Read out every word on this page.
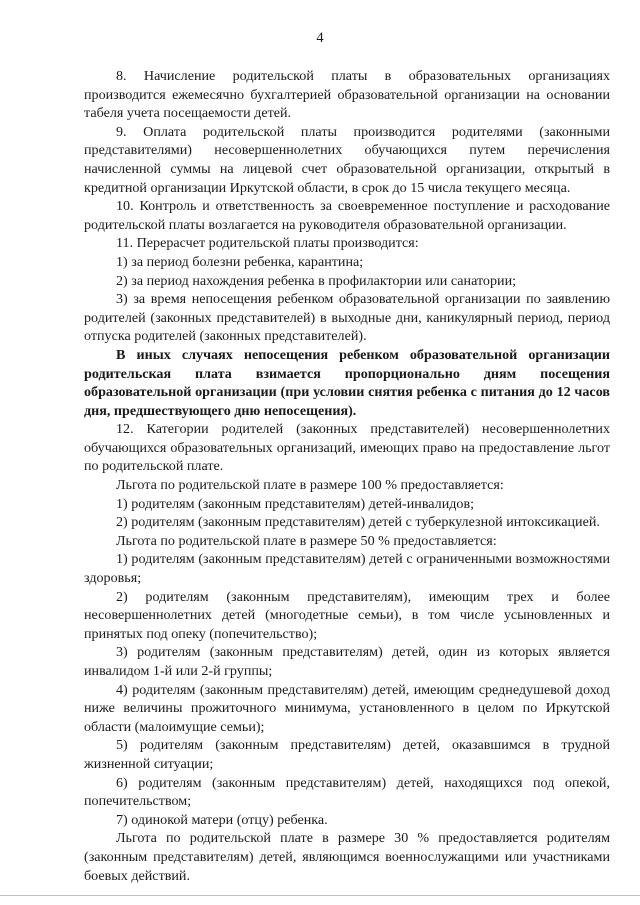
4

8. Начисление родительской платы в образовательных организациях производится ежемесячно бухгалтерией образовательной организации на основании табеля учета посещаемости детей.

9. Оплата родительской платы производится родителями (законными представителями) несовершеннолетних обучающихся путем перечисления начисленной суммы на лицевой счет образовательной организации, открытый в кредитной организации Иркутской области, в срок до 15 числа текущего месяца.

10. Контроль и ответственность за своевременное поступление и расходование родительской платы возлагается на руководителя образовательной организации.

11. Перерасчет родительской платы производится:

1) за период болезни ребенка, карантина;

2) за период нахождения ребенка в профилактории или санатории;

3) за время непосещения ребенком образовательной организации по заявлению родителей (законных представителей) в выходные дни, каникулярный период, период отпуска родителей (законных представителей).

В иных случаях непосещения ребенком образовательной организации родительская плата взимается пропорционально дням посещения образовательной организации (при условии снятия ребенка с питания до 12 часов дня, предшествующего дню непосещения).

12. Категории родителей (законных представителей) несовершеннолетних обучающихся образовательных организаций, имеющих право на предоставление льгот по родительской плате.

Льгота по родительской плате в размере 100 % предоставляется:

1) родителям (законным представителям) детей-инвалидов;

2) родителям (законным представителям) детей с туберкулезной интоксикацией.

Льгота по родительской плате в размере 50 % предоставляется:

1) родителям (законным представителям) детей с ограниченными возможностями здоровья;

2) родителям (законным представителям), имеющим трех и более несовершеннолетних детей (многодетные семьи), в том числе усыновленных и принятых под опеку (попечительство);

3) родителям (законным представителям) детей, один из которых является инвалидом 1-й или 2-й группы;

4) родителям (законным представителям) детей, имеющим среднедушевой доход ниже величины прожиточного минимума, установленного в целом по Иркутской области (малоимущие семьи);

5) родителям (законным представителям) детей, оказавшимся в трудной жизненной ситуации;

6) родителям (законным представителям) детей, находящихся под опекой, попечительством;

7) одинокой матери (отцу) ребенка.

Льгота по родительской плате в размере 30 % предоставляется родителям (законным представителям) детей, являющимся военнослужащими или участниками боевых действий.
